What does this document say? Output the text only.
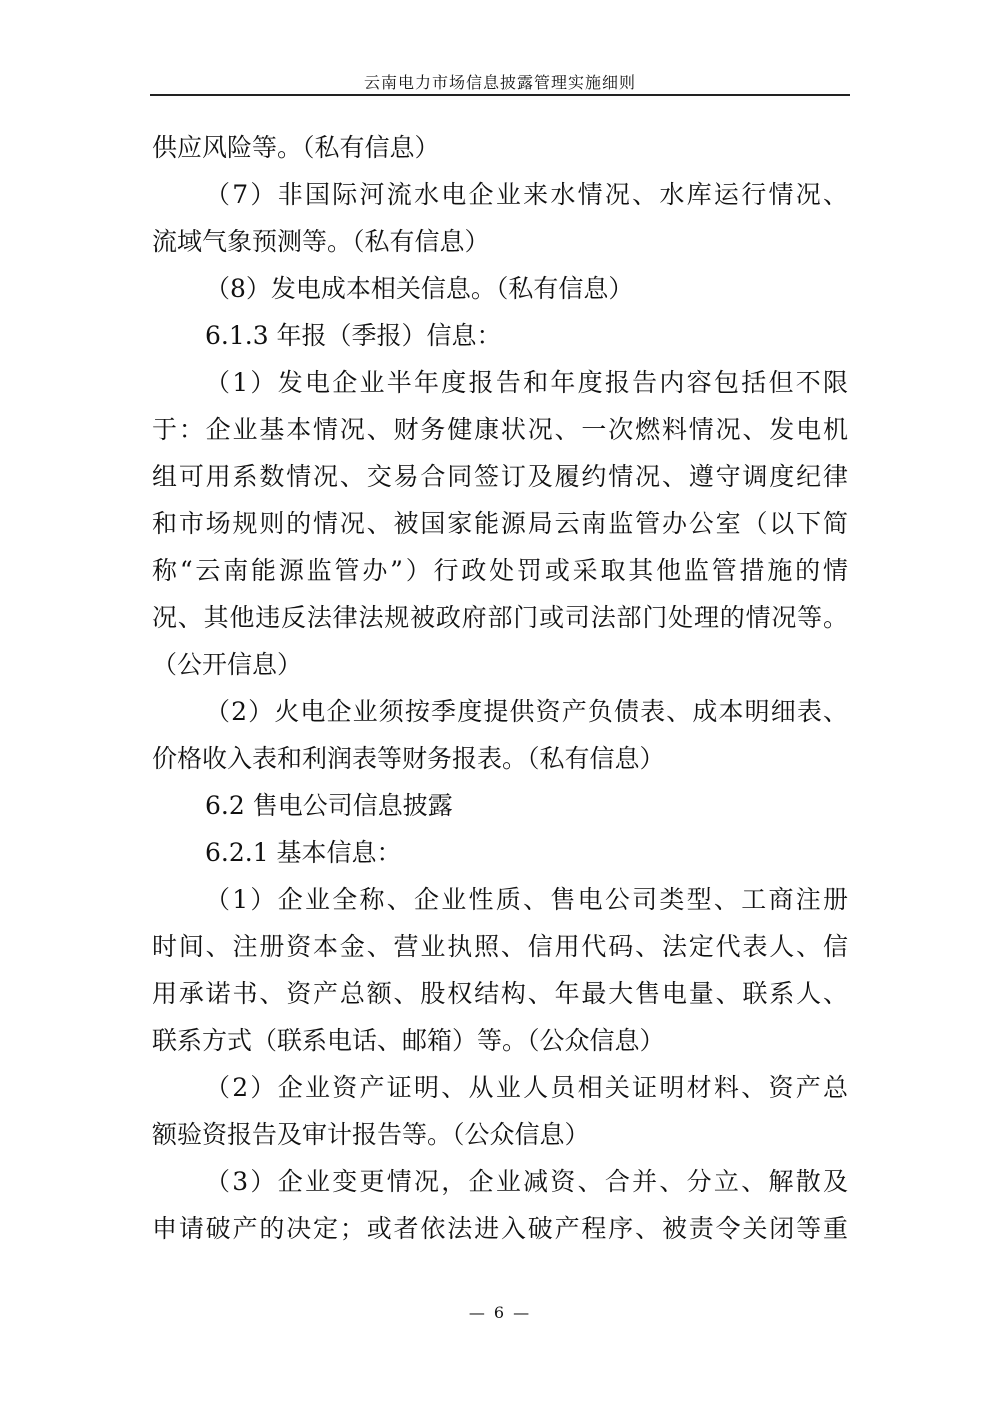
云南电力市场信息披露管理实施细则
供应风险等。（私有信息）
（7）非国际河流水电企业来水情况、水库运行情况、
流域气象预测等。（私有信息）
（8）发电成本相关信息。（私有信息）
6.1.3 年报（季报）信息：
（1）发电企业半年度报告和年度报告内容包括但不限
于：企业基本情况、财务健康状况、一次燃料情况、发电机
组可用系数情况、交易合同签订及履约情况、遵守调度纪律
和市场规则的情况、被国家能源局云南监管办公室（以下简
称“云南能源监管办”）行政处罚或采取其他监管措施的情
况、其他违反法律法规被政府部门或司法部门处理的情况等。
（公开信息）
（2）火电企业须按季度提供资产负债表、成本明细表、
价格收入表和利润表等财务报表。（私有信息）
6.2 售电公司信息披露
6.2.1 基本信息：
（1）企业全称、企业性质、售电公司类型、工商注册
时间、注册资本金、营业执照、信用代码、法定代表人、信
用承诺书、资产总额、股权结构、年最大售电量、联系人、
联系方式（联系电话、邮箱）等。（公众信息）
（2）企业资产证明、从业人员相关证明材料、资产总
额验资报告及审计报告等。（公众信息）
（3）企业变更情况，企业减资、合并、分立、解散及
申请破产的决定；或者依法进入破产程序、被责令关闭等重
— 6 —
